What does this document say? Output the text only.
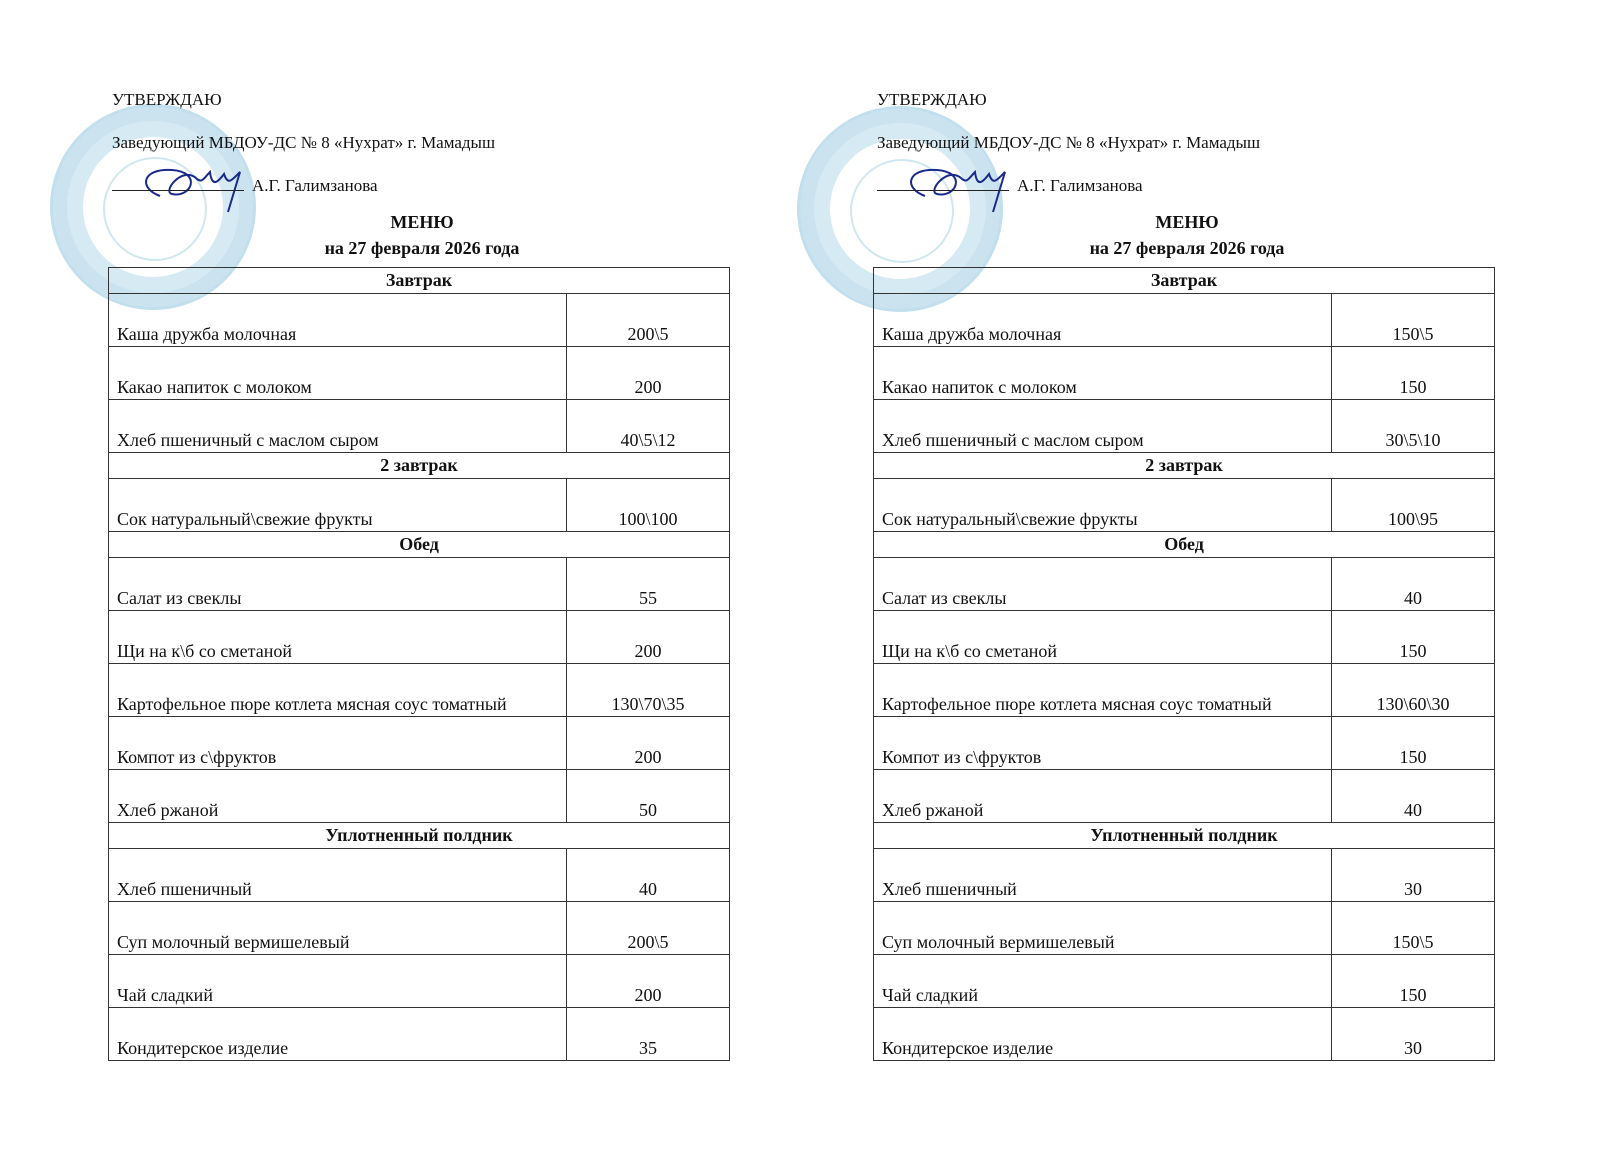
УТВЕРЖДАЮ
Заведующий МБДОУ-ДС № 8 «Нухрат» г. Мамадыш
А.Г. Галимзанова
МЕНЮ
на 27 февраля 2026 года
Завтрак	
Каша дружба молочная	200\5
Какао напиток с молоком	200
Хлеб пшеничный с маслом сыром	40\5\12
2 завтрак	
Сок натуральный\свежие фрукты	100\100
Обед	
Салат из свеклы	55
Щи на к\б со сметаной	200
Картофельное пюре котлета мясная соус томатный	130\70\35
Компот из с\фруктов	200
Хлеб ржаной	50
Уплотненный полдник	
Хлеб пшеничный	40
Суп молочный вермишелевый	200\5
Чай сладкий	200
Кондитерское изделие	35
УТВЕРЖДАЮ
Заведующий МБДОУ-ДС № 8 «Нухрат» г. Мамадыш
А.Г. Галимзанова
МЕНЮ
на 27 февраля 2026 года
Завтрак	
Каша дружба молочная	150\5
Какао напиток с молоком	150
Хлеб пшеничный с маслом сыром	30\5\10
2 завтрак	
Сок натуральный\свежие фрукты	100\95
Обед	
Салат из свеклы	40
Щи на к\б со сметаной	150
Картофельное пюре котлета мясная соус томатный	130\60\30
Компот из с\фруктов	150
Хлеб ржаной	40
Уплотненный полдник	
Хлеб пшеничный	30
Суп молочный вермишелевый	150\5
Чай сладкий	150
Кондитерское изделие	30
